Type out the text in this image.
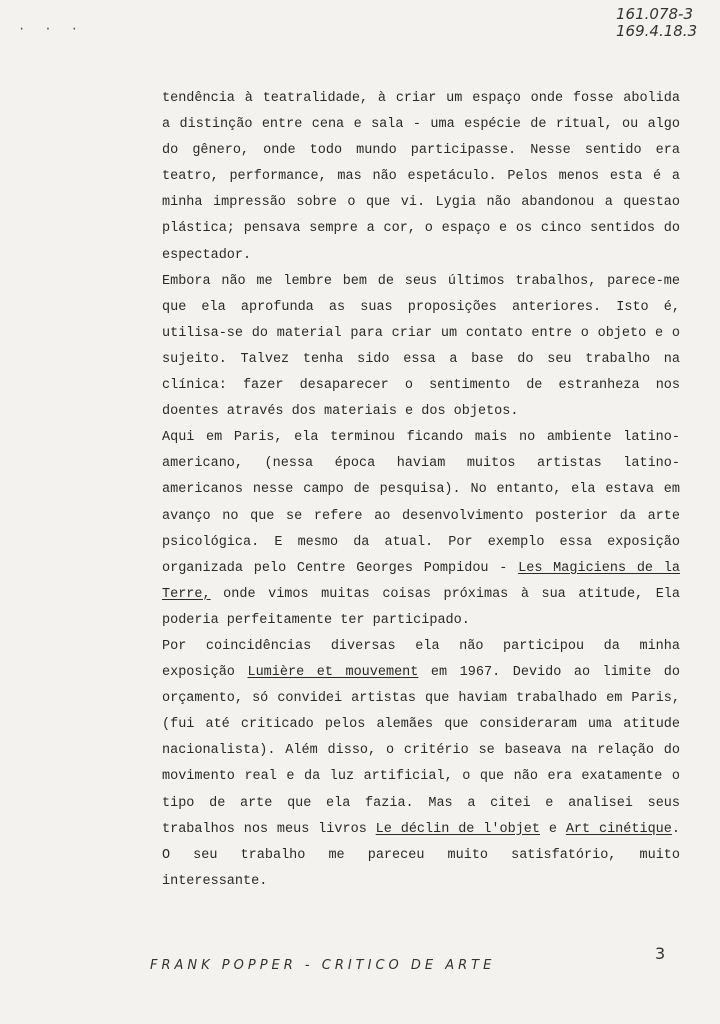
· · ·
161.078-3
169.4.18.3

tendência à teatralidade, à criar um espaço onde fosse abolida a distinção entre cena e sala - uma espécie de ritual, ou algo do gênero, onde todo mundo participasse. Nesse sentido era teatro, performance, mas não espetáculo. Pelos menos esta é a minha impressão sobre o que vi. Lygia não abandonou a questao plástica; pensava sempre a cor, o espaço e os cinco sentidos do espectador.

Embora não me lembre bem de seus últimos trabalhos, parece-me que ela aprofunda as suas proposições anteriores. Isto é, utilisa-se do material para criar um contato entre o objeto e o sujeito. Talvez tenha sido essa a base do seu trabalho na clínica: fazer desaparecer o sentimento de estranheza nos doentes através dos materiais e dos objetos.

Aqui em Paris, ela terminou ficando mais no ambiente latino-americano, (nessa época haviam muitos artistas latino-americanos nesse campo de pesquisa). No entanto, ela estava em avanço no que se refere ao desenvolvimento posterior da arte psicológica. E mesmo da atual. Por exemplo essa exposição organizada pelo Centre Georges Pompidou - Les Magiciens de la Terre, onde vimos muitas coisas próximas à sua atitude, Ela poderia perfeitamente ter participado.

Por coincidências diversas ela não participou da minha exposição Lumière et mouvement em 1967. Devido ao limite do orçamento, só convidei artistas que haviam trabalhado em Paris, (fui até criticado pelos alemães que consideraram uma atitude nacionalista). Além disso, o critério se baseava na relação do movimento real e da luz artificial, o que não era exatamente o tipo de arte que ela fazia. Mas a citei e analisei seus trabalhos nos meus livros Le déclin de l'objet e Art cinétique. O seu trabalho me pareceu muito satisfatório, muito interessante.

3
FRANK POPPER - CRITICO DE ARTE
